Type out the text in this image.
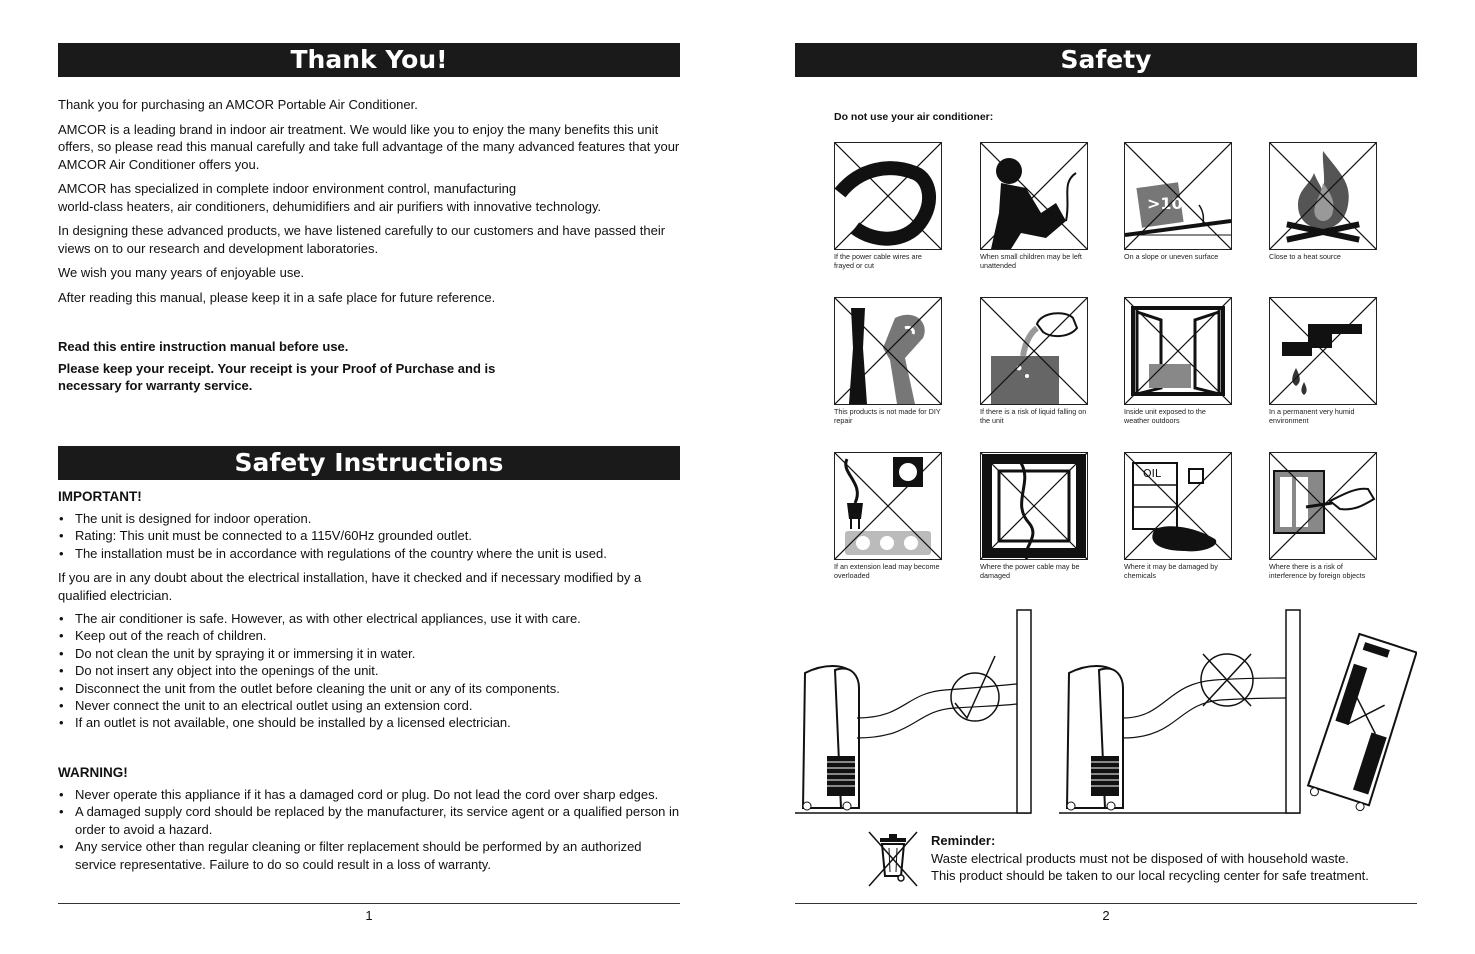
Thank You!

Thank you for purchasing an AMCOR Portable Air Conditioner.

AMCOR is a leading brand in indoor air treatment. We would like you to enjoy the many benefits this unit offers, so please read this manual carefully and take full advantage of the many advanced features that your AMCOR Air Conditioner offers you.

AMCOR has specialized in complete indoor environment control, manufacturing

world-class heaters, air conditioners, dehumidifiers and air purifiers with innovative technology.

In designing these advanced products, we have listened carefully to our customers and have passed their views on to our research and development laboratories.

We wish you many years of enjoyable use.

After reading this manual, please keep it in a safe place for future reference.

Read this entire instruction manual before use.

Please keep your receipt. Your receipt is your Proof of Purchase and is necessary for warranty service.

Safety Instructions
IMPORTANT!
• The unit is designed for indoor operation.
• Rating: This unit must be connected to a 115V/60Hz grounded outlet.
• The installation must be in accordance with regulations of the country where the unit is used.
If you are in any doubt about the electrical installation, have it checked and if necessary modified by a qualified electrician.
• The air conditioner is safe. However, as with other electrical appliances, use it with care.
• Keep out of the reach of children.
• Do not clean the unit by spraying it or immersing it in water.
• Do not insert any object into the openings of the unit.
• Disconnect the unit from the outlet before cleaning the unit or any of its components.
• Never connect the unit to an electrical outlet using an extension cord.
• If an outlet is not available, one should be installed by a licensed electrician.
WARNING!
• Never operate this appliance if it has a damaged cord or plug. Do not lead the cord over sharp edges.
• A damaged supply cord should be replaced by the manufacturer, its service agent or a qualified person in order to avoid a hazard.
• Any service other than regular cleaning or filter replacement should be performed by an authorized service representative. Failure to do so could result in a loss of warranty.
1
Safety
Do not use your air conditioner:
If the power cable wires are frayed or cut
When small children may be left unattended
>10
On a slope or uneven surface	Close to a heat source
This products is not made for DIY repair
If there is a risk of liquid falling on the unit
Inside unit exposed to the weather outdoors
In a permanent very humid environment
If an extension lead may become overloaded
Where the power cable may be damaged
OIL
Where it may be damaged by chemicals
Where there is a risk of interference by foreign objects
Reminder:
Waste electrical products must not be disposed of with household waste.
This product should be taken to our local recycling center for safe treatment.
2
